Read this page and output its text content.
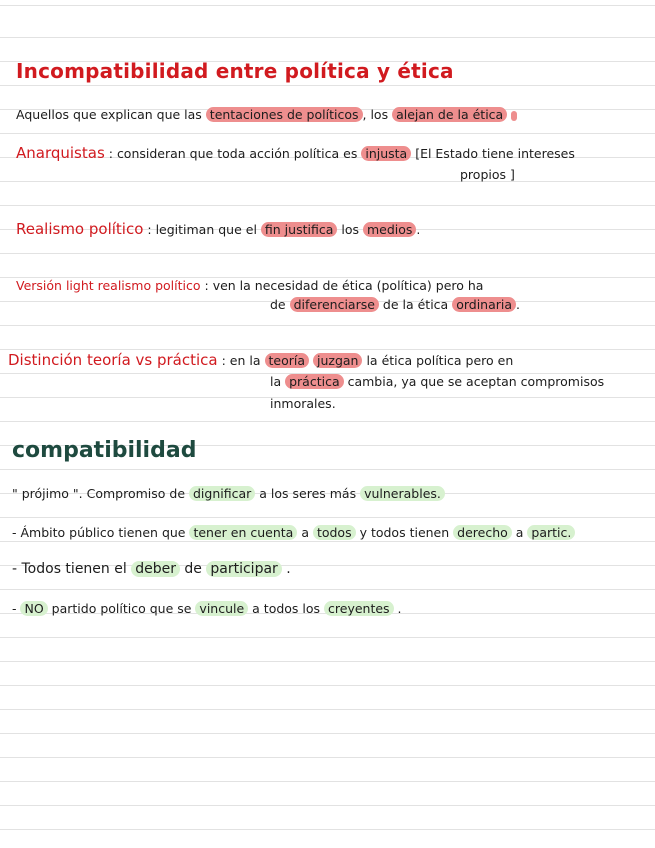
Incompatibilidad entre política y ética
Aquellos que explican que las tentaciones de políticos , los alejan de la ética
Anarquistas : consideran que toda acción política es injusta [El Estado tiene intereses
propios ]
Realismo político : legitiman que el fin justifica los medios .
Versión light realismo político : ven la necesidad de ética (política) pero ha
de diferenciarse de la ética ordinaria .
Distinción teoría vs práctica : en la teoría juzgan la ética política pero en
la práctica cambia, ya que se aceptan compromisos
inmorales.
compatibilidad
" prójimo ". Compromiso de dignificar a los seres más vulnerables.
- Ámbito público tienen que tener en cuenta a todos y todos tienen derecho a partic.
- Todos tienen el deber de participar .
- NO partido político que se vincule a todos los creyentes .
